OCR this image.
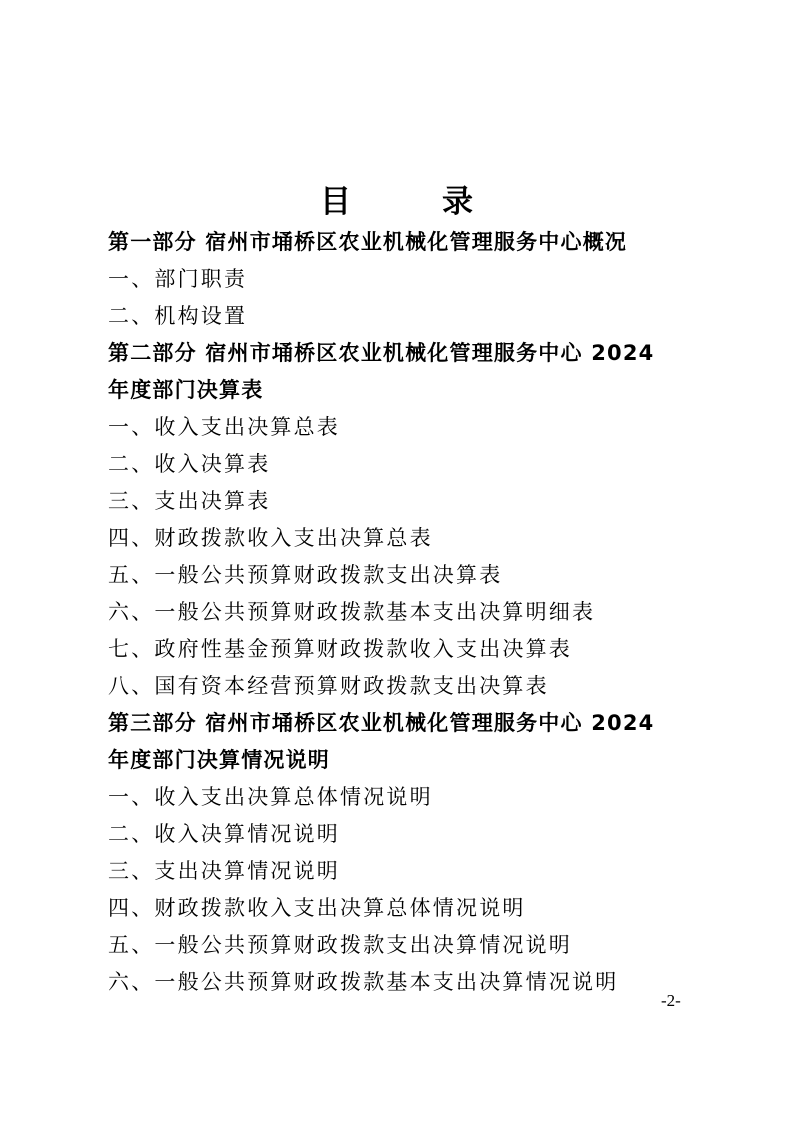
目　录
第一部分 宿州市埇桥区农业机械化管理服务中心概况
一、部门职责
二、机构设置
第二部分 宿州市埇桥区农业机械化管理服务中心 2024
年度部门决算表
一、收入支出决算总表
二、收入决算表
三、支出决算表
四、财政拨款收入支出决算总表
五、一般公共预算财政拨款支出决算表
六、一般公共预算财政拨款基本支出决算明细表
七、政府性基金预算财政拨款收入支出决算表
八、国有资本经营预算财政拨款支出决算表
第三部分 宿州市埇桥区农业机械化管理服务中心 2024
年度部门决算情况说明
一、收入支出决算总体情况说明
二、收入决算情况说明
三、支出决算情况说明
四、财政拨款收入支出决算总体情况说明
五、一般公共预算财政拨款支出决算情况说明
六、一般公共预算财政拨款基本支出决算情况说明
-2-
